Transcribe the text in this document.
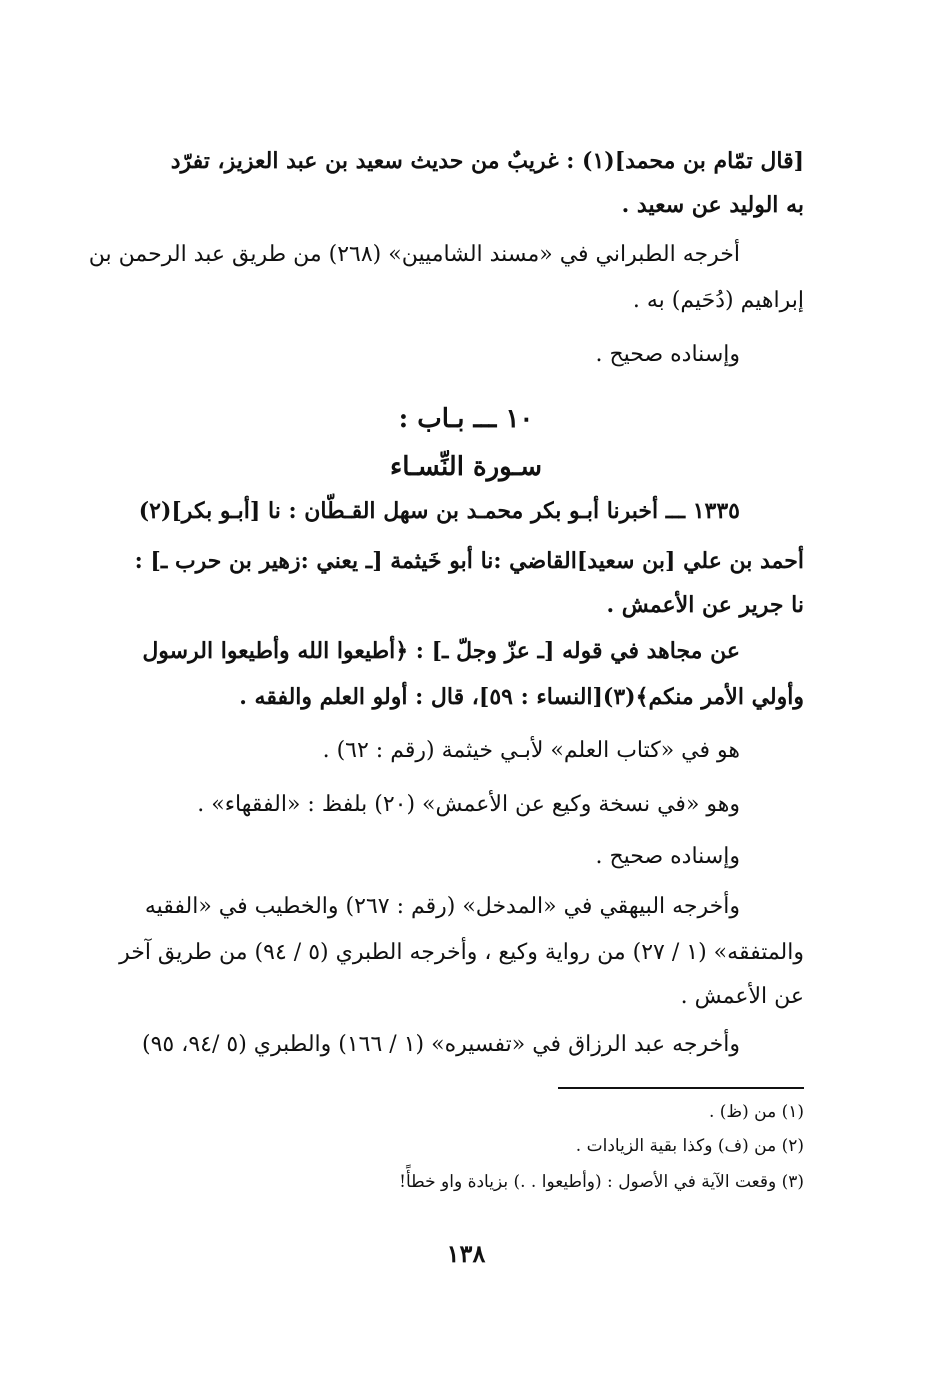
[قال تمّام بن محمد](١) : غريبٌ من حديث سعيد بن عبد العزيز، تفرّد
به الوليد عن سعيد .
أخرجه الطبراني في «مسند الشاميين» (٢٦٨) من طريق عبد الرحمن بن
إبراهيم (دُحَيم) به .
وإسناده صحيح .
١٠ ـــ بـاب :
سـورة النِّسـاء
١٣٣٥ ـــ أخبرنا أبـو بكر محمـد بن سهل القـطّان : نا [أبـو بكر](٢)
أحمد بن علي [بن سعيد]القاضي :نا أبو خَيثمة [ـ يعني :زهير بن حرب ـ] :
نا جرير عن الأعمش .
عن مجاهد في قوله [ـ عزّ وجلّ ـ] : ﴿أطيعوا الله وأطيعوا الرسول
وأولي الأمر منكم﴾(٣)[النساء : ٥٩]، قال : أولو العلم والفقه .
هو في «كتاب العلم» لأبـي خيثمة (رقم : ٦٢) .
وهو «في نسخة وكيع عن الأعمش» (٢٠) بلفظ : «الفقهاء» .
وإسناده صحيح .
وأخرجه البيهقي في «المدخل» (رقم : ٢٦٧) والخطيب في «الفقيه
والمتفقه» (١ / ٢٧) من رواية وكيع ، وأخرجه الطبري (٥ / ٩٤) من طريق آخر
عن الأعمش .
وأخرجه عبد الرزاق في «تفسيره» (١ / ١٦٦) والطبري (٥ /٩٤، ٩٥)
(١) من (ظ) .
(٢) من (ف) وكذا بقية الزيادات .
(٣) وقعت الآية في الأصول : (وأطيعوا . .) بزيادة واو خطأً!
١٣٨
